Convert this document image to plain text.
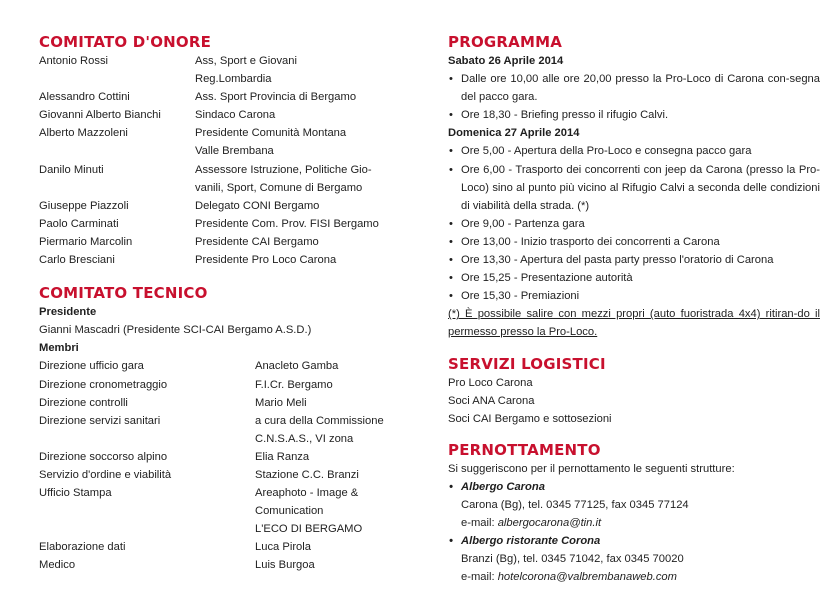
COMITATO D'ONORE
Antonio Rossi	Ass, Sport e Giovani
Reg.Lombardia
Alessandro Cottini	Ass. Sport Provincia di Bergamo
Giovanni Alberto Bianchi	Sindaco Carona
Alberto Mazzoleni	Presidente Comunità Montana
Valle Brembana
Danilo Minuti	Assessore Istruzione, Politiche Gio-
vanili, Sport, Comune di Bergamo
Giuseppe Piazzoli	Delegato CONI Bergamo
Paolo Carminati	Presidente Com. Prov. FISI Bergamo
Piermario Marcolin	Presidente CAI Bergamo
Carlo Bresciani	Presidente Pro Loco Carona
COMITATO TECNICO
Presidente
Gianni Mascadri (Presidente SCI-CAI Bergamo A.S.D.)
Membri
Direzione ufficio gara	Anacleto Gamba
Direzione cronometraggio	F.I.Cr. Bergamo
Direzione controlli	Mario Meli
Direzione servizi sanitari	a cura della Commissione
C.N.S.A.S., VI zona
Direzione soccorso alpino	Elia Ranza
Servizio d'ordine e viabilità	Stazione C.C. Branzi
Ufficio Stampa	Areaphoto - Image &
Comunication
L'ECO DI BERGAMO
Elaborazione dati	Luca Pirola
Medico	Luis Burgoa
PROGRAMMA
Sabato 26 Aprile 2014
• Dalle ore 10,00 alle ore 20,00 presso la Pro-Loco di Carona con-segna del pacco gara.
• Ore 18,30 - Briefing presso il rifugio Calvi.
Domenica 27 Aprile 2014
• Ore 5,00 - Apertura della Pro-Loco e consegna pacco gara
• Ore 6,00 - Trasporto dei concorrenti con jeep da Carona (presso la Pro-Loco) sino al punto più vicino al Rifugio Calvi a seconda delle condizioni di viabilità della strada. (*)
• Ore 9,00 - Partenza gara
• Ore 13,00 - Inizio trasporto dei concorrenti a Carona
• Ore 13,30 - Apertura del pasta party presso l'oratorio di Carona
• Ore 15,25 - Presentazione autorità
• Ore 15,30 - Premiazioni
(*) È possibile salire con mezzi propri (auto fuoristrada 4x4) ritiran-do il permesso presso la Pro-Loco.
SERVIZI LOGISTICI
Pro Loco Carona
Soci ANA Carona
Soci CAI Bergamo e sottosezioni
PERNOTTAMENTO
Si suggeriscono per il pernottamento le seguenti strutture:
• Albergo Carona
Carona (Bg), tel. 0345 77125, fax 0345 77124
e-mail: albergocarona@tin.it
• Albergo ristorante Corona
Branzi (Bg), tel. 0345 71042, fax 0345 70020
e-mail: hotelcorona@valbrembanaweb.com
